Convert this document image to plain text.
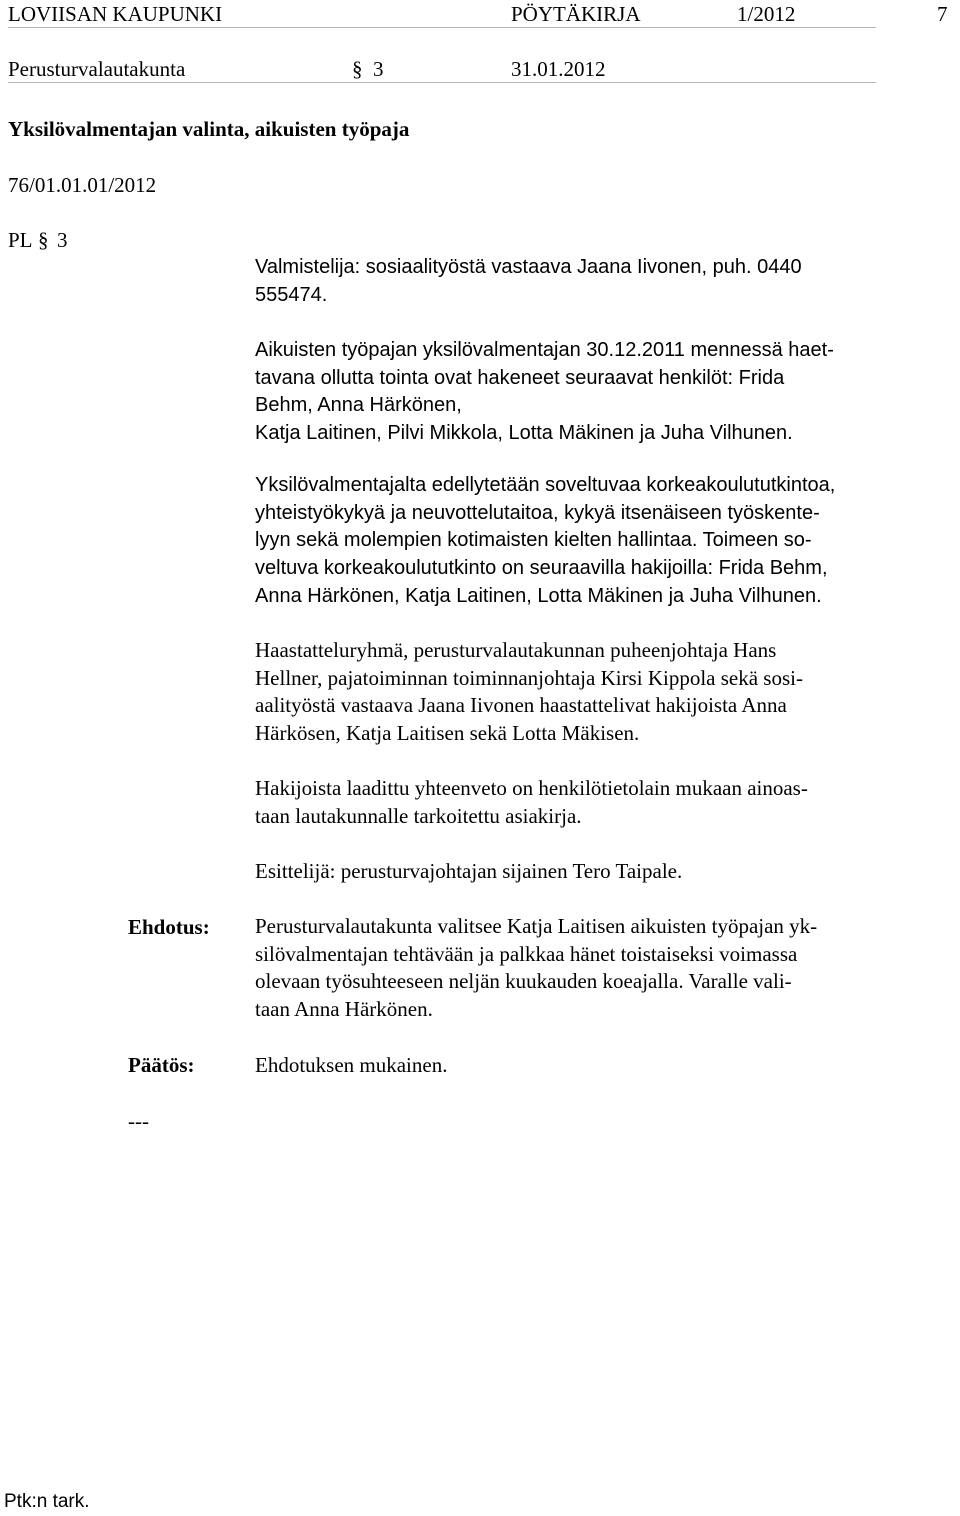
LOVIISAN KAUPUNKI	PÖYTÄKIRJA	1/2012	7
Perusturvalautakunta	§ 3	31.01.2012
Yksilövalmentajan valinta, aikuisten työpaja
76/01.01.01/2012
PL § 3
Valmistelija: sosiaalityöstä vastaava Jaana Iivonen, puh. 0440
555474.
Aikuisten työpajan yksilövalmentajan 30.12.2011 mennessä haet-
tavana ollutta tointa ovat hakeneet seuraavat henkilöt: Frida
Behm, Anna Härkönen,
Katja Laitinen, Pilvi Mikkola, Lotta Mäkinen ja Juha Vilhunen.
Yksilövalmentajalta edellytetään soveltuvaa korkeakoulututkintoa,
yhteistyökykyä ja neuvottelutaitoa, kykyä itsenäiseen työskente-
lyyn sekä molempien kotimaisten kielten hallintaa. Toimeen so-
veltuva korkeakoulututkinto on seuraavilla hakijoilla: Frida Behm,
Anna Härkönen, Katja Laitinen, Lotta Mäkinen ja Juha Vilhunen.
Haastatteluryhmä, perusturvalautakunnan puheenjohtaja Hans
Hellner, pajatoiminnan toiminnanjohtaja Kirsi Kippola sekä sosi-
aalityöstä vastaava Jaana Iivonen haastattelivat hakijoista Anna
Härkösen, Katja Laitisen sekä Lotta Mäkisen.
Hakijoista laadittu yhteenveto on henkilötietolain mukaan ainoas-
taan lautakunnalle tarkoitettu asiakirja.
Esittelijä: perusturvajohtajan sijainen Tero Taipale.
Ehdotus: Perusturvalautakunta valitsee Katja Laitisen aikuisten työpajan yk-
silövalmentajan tehtävään ja palkkaa hänet toistaiseksi voimassa
olevaan työsuhteeseen neljän kuukauden koeajalla. Varalle vali-
taan Anna Härkönen.
Päätös:	Ehdotuksen mukainen.
---
Ptk:n tark.
